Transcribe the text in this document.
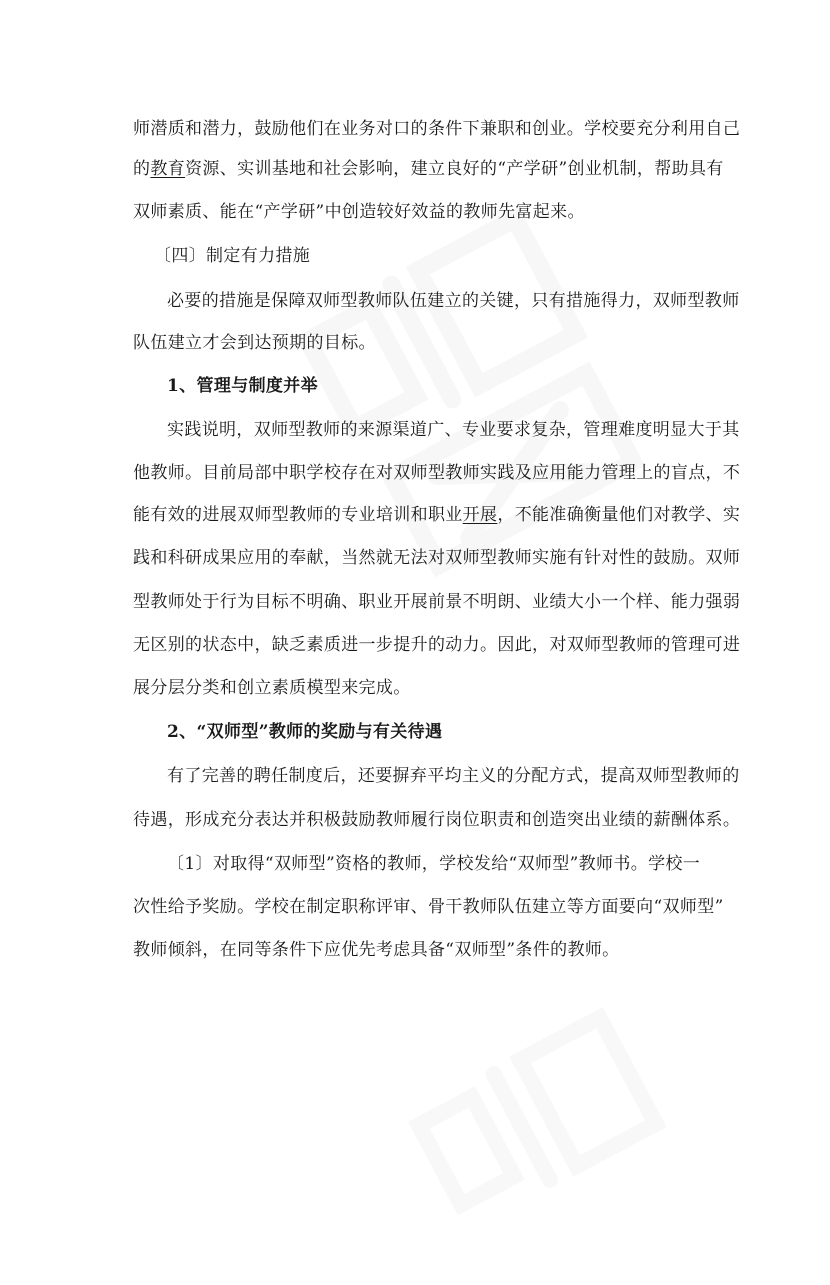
师潜质和潜力，鼓励他们在业务对口的条件下兼职和创业。学校要充分利用自己
的教育资源、实训基地和社会影响，建立良好的“产学研”创业机制，帮助具有
双师素质、能在“产学研”中创造较好效益的教师先富起来。
〔四〕制定有力措施
必要的措施是保障双师型教师队伍建立的关键，只有措施得力，双师型教师
队伍建立才会到达预期的目标。
1、管理与制度并举
实践说明，双师型教师的来源渠道广、专业要求复杂，管理难度明显大于其
他教师。目前局部中职学校存在对双师型教师实践及应用能力管理上的盲点，不
能有效的进展双师型教师的专业培训和职业开展，不能准确衡量他们对教学、实
践和科研成果应用的奉献，当然就无法对双师型教师实施有针对性的鼓励。双师
型教师处于行为目标不明确、职业开展前景不明朗、业绩大小一个样、能力强弱
无区别的状态中，缺乏素质进一步提升的动力。因此，对双师型教师的管理可进
展分层分类和创立素质模型来完成。
2、“双师型”教师的奖励与有关待遇
有了完善的聘任制度后，还要摒弃平均主义的分配方式，提高双师型教师的
待遇，形成充分表达并积极鼓励教师履行岗位职责和创造突出业绩的薪酬体系。
〔1〕对取得“双师型”资格的教师，学校发给“双师型”教师书。学校一
次性给予奖励。学校在制定职称评审、骨干教师队伍建立等方面要向“双师型”
教师倾斜，在同等条件下应优先考虑具备“双师型”条件的教师。
